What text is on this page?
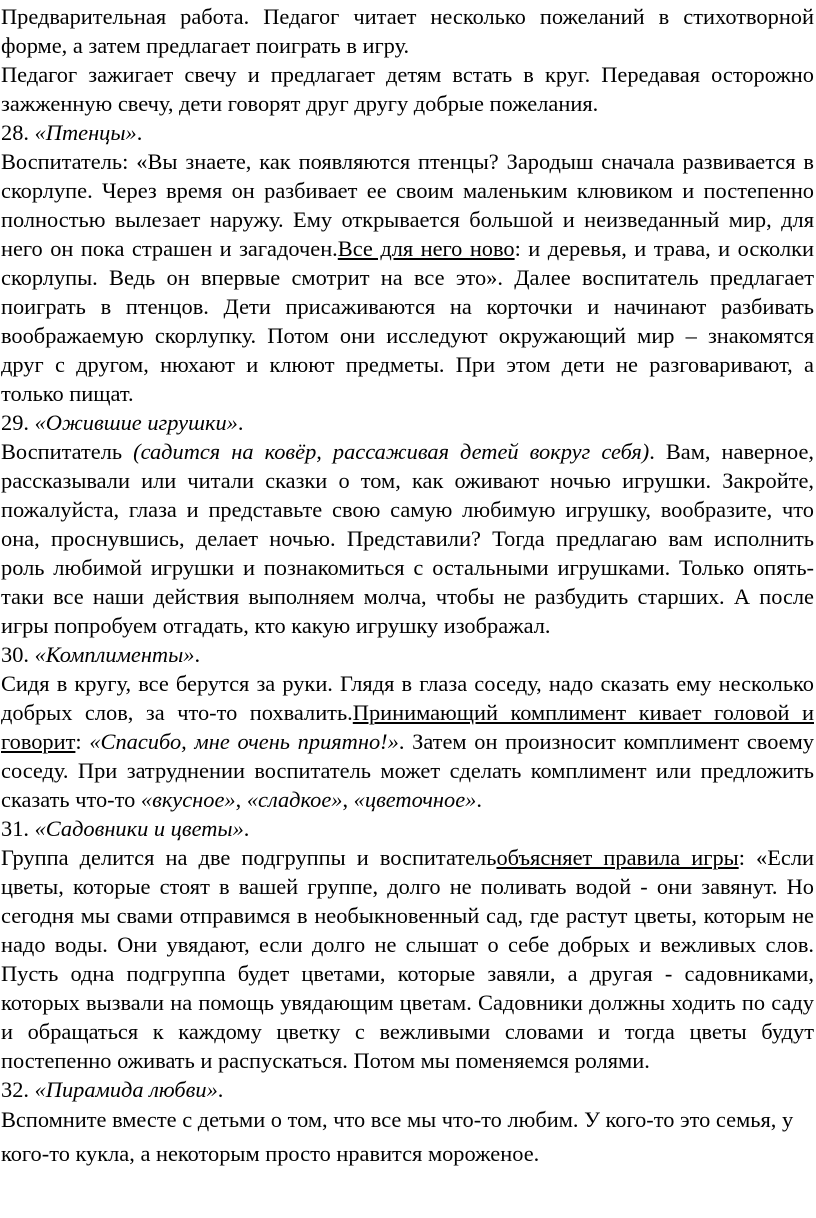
Предварительная работа. Педагог читает несколько пожеланий в стихотворной форме, а затем предлагает поиграть в игру.

Педагог зажигает свечу и предлагает детям встать в круг. Передавая осторожно зажженную свечу, дети говорят друг другу добрые пожелания.

28. «Птенцы».

Воспитатель: «Вы знаете, как появляются птенцы? Зародыш сначала развивается в скорлупе. Через время он разбивает ее своим маленьким клювиком и постепенно полностью вылезает наружу. Ему открывается большой и неизведанный мир, для него он пока страшен и загадочен.Все для него ново: и деревья, и трава, и осколки скорлупы. Ведь он впервые смотрит на все это». Далее воспитатель предлагает поиграть в птенцов. Дети присаживаются на корточки и начинают разбивать воображаемую скорлупку. Потом они исследуют окружающий мир – знакомятся друг с другом, нюхают и клюют предметы. При этом дети не разговаривают, а только пищат.

29. «Ожившие игрушки».

Воспитатель (садится на ковёр, рассаживая детей вокруг себя). Вам, наверное, рассказывали или читали сказки о том, как оживают ночью игрушки. Закройте, пожалуйста, глаза и представьте свою самую любимую игрушку, вообразите, что она, проснувшись, делает ночью. Представили? Тогда предлагаю вам исполнить роль любимой игрушки и познакомиться с остальными игрушками. Только опять-таки все наши действия выполняем молча, чтобы не разбудить старших. А после игры попробуем отгадать, кто какую игрушку изображал.

30. «Комплименты».

Сидя в кругу, все берутся за руки. Глядя в глаза соседу, надо сказать ему несколько добрых слов, за что-то похвалить.Принимающий комплимент кивает головой и говорит: «Спасибо, мне очень приятно!». Затем он произносит комплимент своему соседу. При затруднении воспитатель может сделать комплимент или предложить сказать что-то «вкусное», «сладкое», «цветочное».

31. «Садовники и цветы».

Группа делится на две подгруппы и воспитательобъясняет правила игры: «Если цветы, которые стоят в вашей группе, долго не поливать водой - они завянут. Но сегодня мы свами отправимся в необыкновенный сад, где растут цветы, которым не надо воды. Они увядают, если долго не слышат о себе добрых и вежливых слов. Пусть одна подгруппа будет цветами, которые завяли, а другая - садовниками, которых вызвали на помощь увядающим цветам. Садовники должны ходить по саду и обращаться к каждому цветку с вежливыми словами и тогда цветы будут постепенно оживать и распускаться. Потом мы поменяемся ролями.

32. «Пирамида любви».

Вспомните вместе с детьми о том, что все мы что-то любим. У кого-то это семья, у кого-то кукла, а некоторым просто нравится мороженое.
